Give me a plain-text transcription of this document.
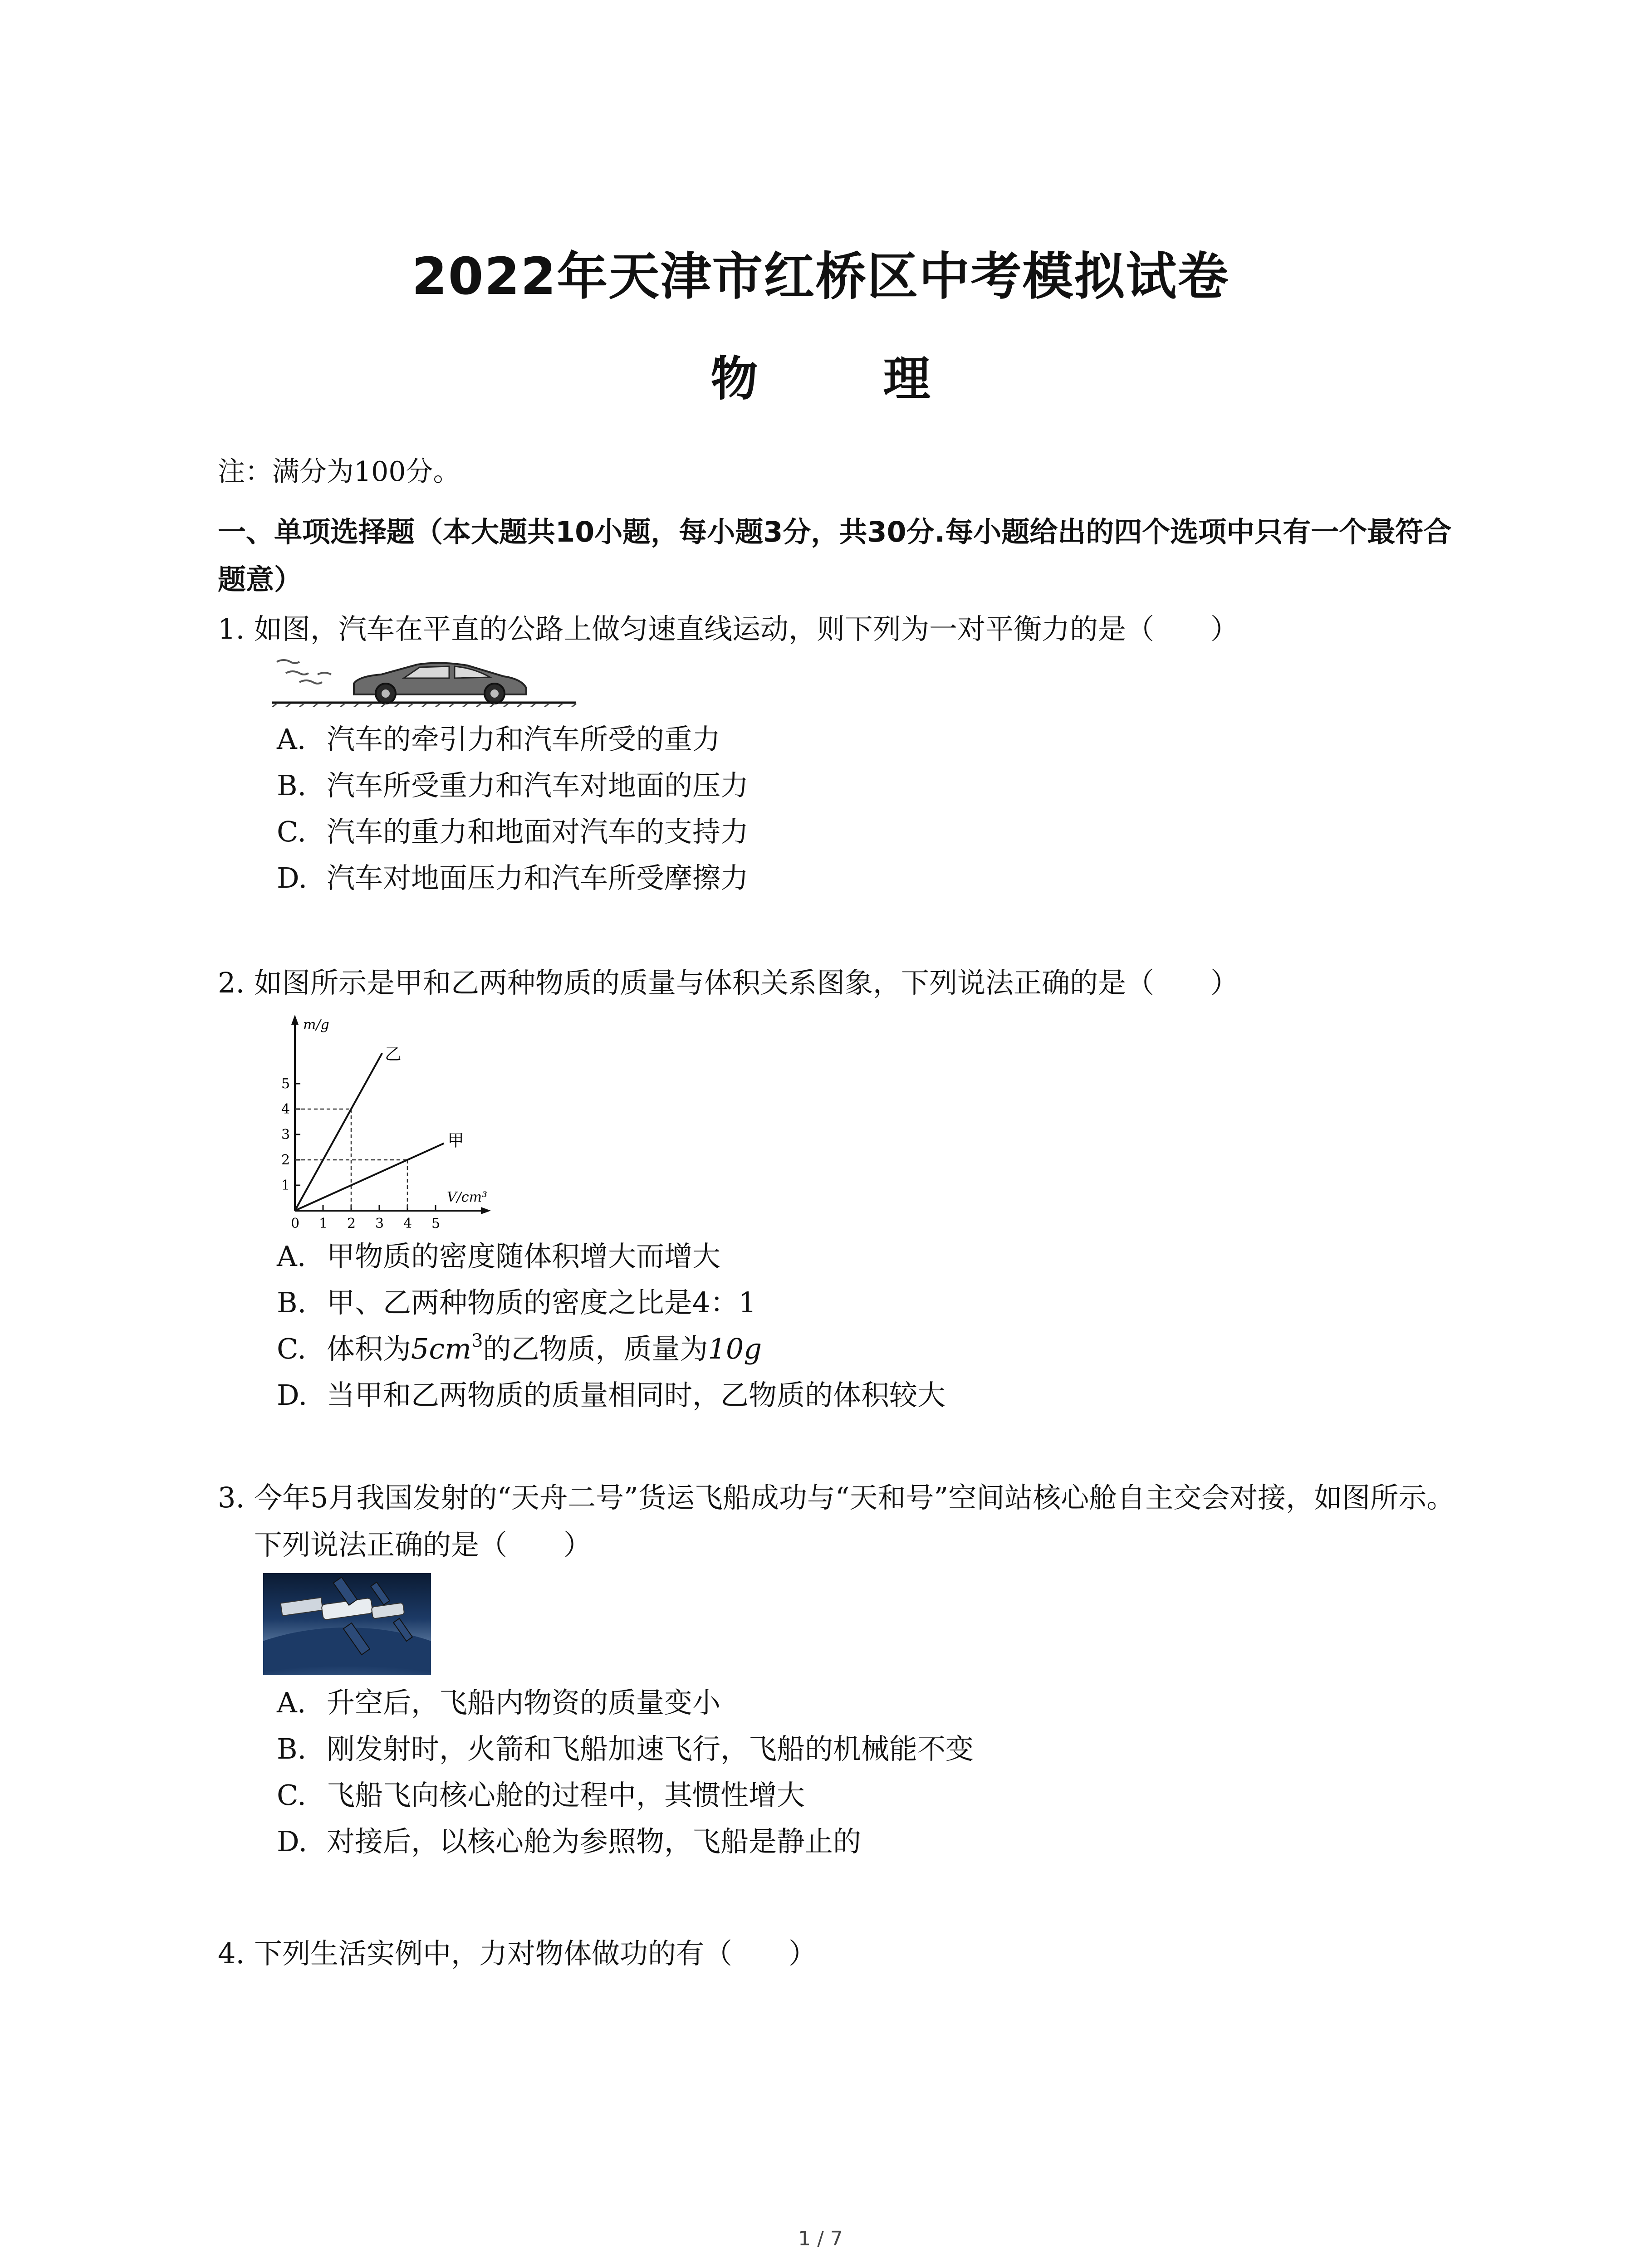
2022年天津市红桥区中考模拟试卷
物 理
注：满分为100分。
一、单项选择题（本大题共10小题，每小题3分，共30分.每小题给出的四个选项中只有一个最符合题意）
1. 如图，汽车在平直的公路上做匀速直线运动，则下列为一对平衡力的是（　　）
A. 汽车的牵引力和汽车所受的重力
B. 汽车所受重力和汽车对地面的压力
C. 汽车的重力和地面对汽车的支持力
D. 汽车对地面压力和汽车所受摩擦力
2. 如图所示是甲和乙两种物质的质量与体积关系图象，下列说法正确的是（　　）
m/g
V/cm³
1
2
3
4
5
0 1 2 3 4 5
乙
甲
A. 甲物质的密度随体积增大而增大
B. 甲、乙两种物质的密度之比是4：1
C. 体积为$5cm^3$的乙物质，质量为10g
D. 当甲和乙两物质的质量相同时，乙物质的体积较大
3. 今年5月我国发射的“天舟二号”货运飞船成功与“天和号”空间站核心舱自主交会对接，如图所示。下列说法正确的是（　　）
A. 升空后，飞船内物资的质量变小
B. 刚发射时，火箭和飞船加速飞行，飞船的机械能不变
C. 飞船飞向核心舱的过程中，其惯性增大
D. 对接后，以核心舱为参照物，飞船是静止的
4. 下列生活实例中，力对物体做功的有（　　）
1 / 7
